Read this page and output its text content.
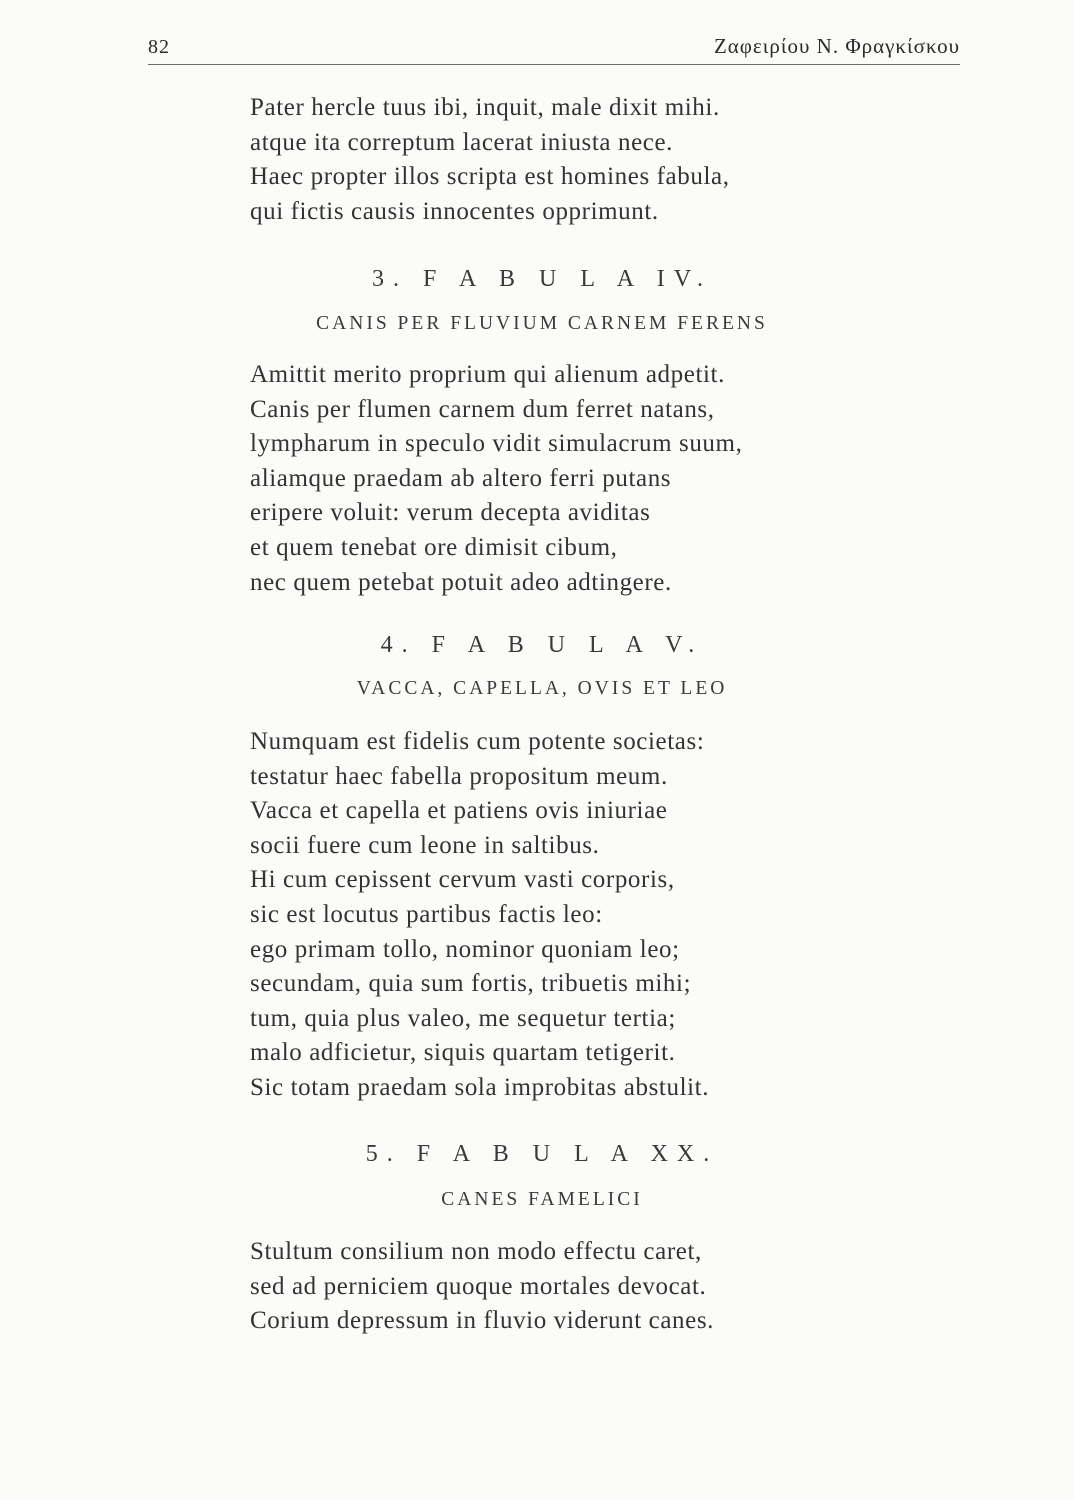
82	Ζαφειρίου Ν. Φραγκίσκου
Pater hercle tuus ibi, inquit, male dixit mihi.
atque ita correptum lacerat iniusta nece.
Haec propter illos scripta est homines fabula,
qui fictis causis innocentes opprimunt.
3. F A B U L A IV.
CANIS PER FLUVIUM CARNEM FERENS
Amittit merito proprium qui alienum adpetit.
Canis per flumen carnem dum ferret natans,
lympharum in speculo vidit simulacrum suum,
aliamque praedam ab altero ferri putans
eripere voluit: verum decepta aviditas
et quem tenebat ore dimisit cibum,
nec quem petebat potuit adeo adtingere.
4. F A B U L A V.
VACCA, CAPELLA, OVIS ET LEO
Numquam est fidelis cum potente societas:
testatur haec fabella propositum meum.
Vacca et capella et patiens ovis iniuriae
socii fuere cum leone in saltibus.
Hi cum cepissent cervum vasti corporis,
sic est locutus partibus factis leo:
ego primam tollo, nominor quoniam leo;
secundam, quia sum fortis, tribuetis mihi;
tum, quia plus valeo, me sequetur tertia;
malo adficietur, siquis quartam tetigerit.
Sic totam praedam sola improbitas abstulit.
5. F A B U L A XX.
CANES FAMELICI
Stultum consilium non modo effectu caret,
sed ad perniciem quoque mortales devocat.
Corium depressum in fluvio viderunt canes.
